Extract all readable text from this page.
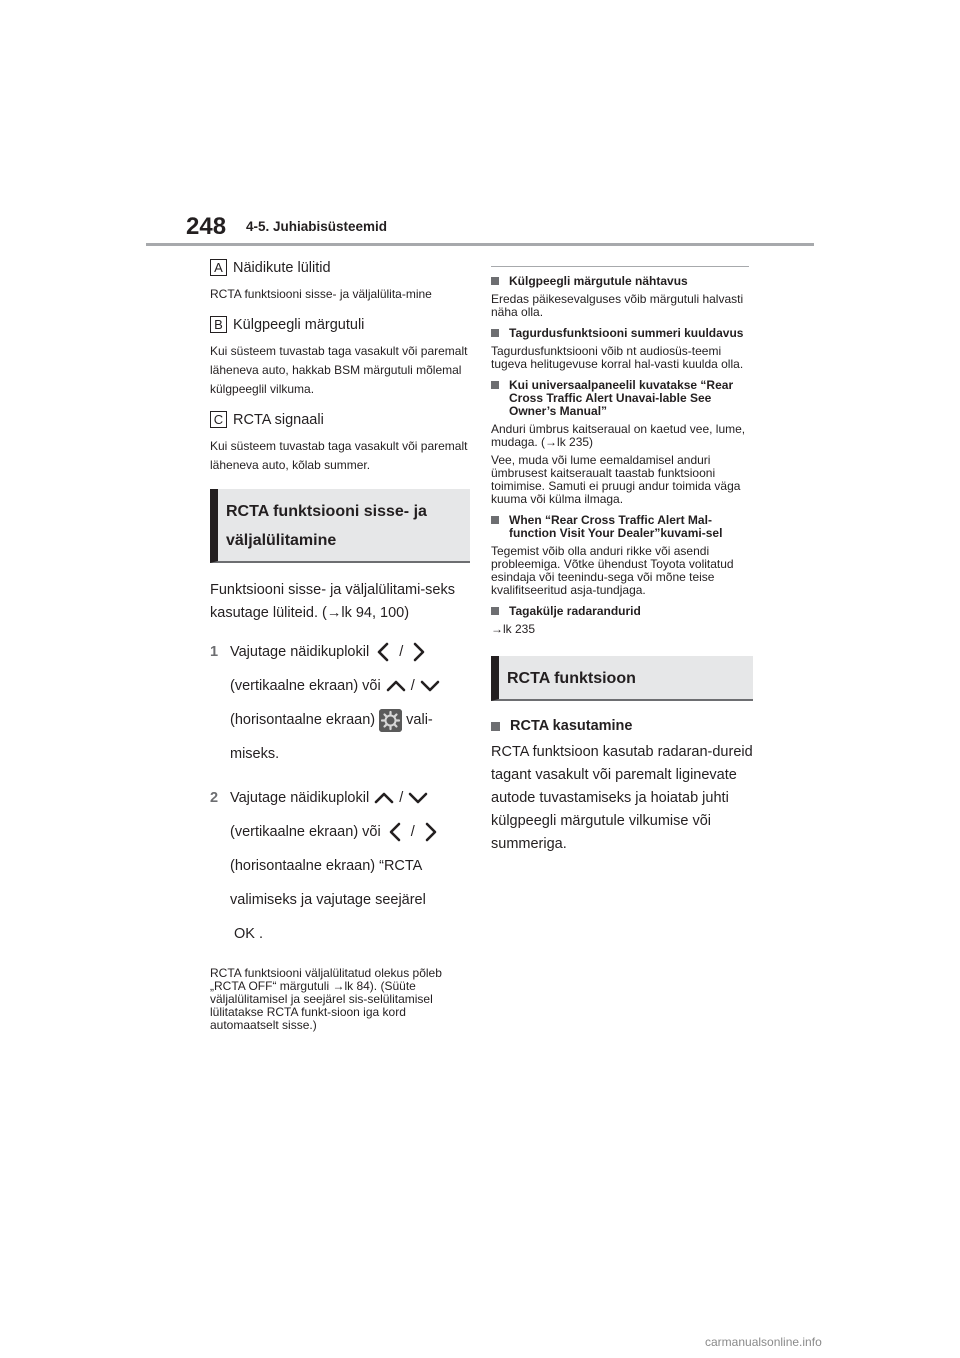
248 4-5. Juhiabisüsteemid
A Näidikute lülitid

RCTA funktsiooni sisse- ja väljalülita-mine

B Külgpeegli märgutuli

Kui süsteem tuvastab taga vasakult või paremalt läheneva auto, hakkab BSM märgutuli mõlemal külgpeeglil vilkuma.

C RCTA signaali

Kui süsteem tuvastab taga vasakult või paremalt läheneva auto, kõlab summer.

RCTA funktsiooni sisse- ja väljalülitamine

Funktsiooni sisse- ja väljalülitami-seks kasutage lüliteid. (→lk 94, 100)

1 Vajutage näidikuplokil /
(vertikaalne ekraan) või /
(horisontaalne ekraan) vali-
miseks.
2 Vajutage näidikuplokil /
(vertikaalne ekraan) või /
(horisontaalne ekraan) “RCTA
valimiseks ja vajutage seejärel
OK .

RCTA funktsiooni väljalülitatud olekus põleb „RCTA OFF“ märgutuli →lk 84). (Süüte väljalülitamisel ja seejärel sis-selülitamisel lülitatakse RCTA funkt-sioon iga kord automaatselt sisse.)

Külgpeegli märgutule nähtavus

Eredas päikesevalguses võib märgutuli halvasti näha olla.

Tagurdusfunktsiooni summeri kuuldavus

Tagurdusfunktsiooni võib nt audiosüs-teemi tugeva helitugevuse korral hal-vasti kuulda olla.

Kui universaalpaneelil kuvatakse “Rear Cross Traffic Alert Unavai-lable See Owner’s Manual”

Anduri ümbrus kaitseraual on kaetud vee, lume, mudaga. (→lk 235)

Vee, muda või lume eemaldamisel anduri ümbrusest kaitseraualt taastab funktsiooni toimimise. Samuti ei pruugi andur toimida väga kuuma või külma ilmaga.

When “Rear Cross Traffic Alert Mal-function Visit Your Dealer”kuvami-sel

Tegemist võib olla anduri rikke või asendi probleemiga. Võtke ühendust Toyota volitatud esindaja või teenindu-sega või mõne teise kvalifitseeritud asja-tundjaga.

Tagakülje radarandurid

→lk 235

RCTA funktsioon
RCTA kasutamine

RCTA funktsioon kasutab radaran-dureid tagant vasakult või paremalt liginevate autode tuvastamiseks ja hoiatab juhti külgpeegli märgutule vilkumise või summeriga.

carmanualsonline.info
